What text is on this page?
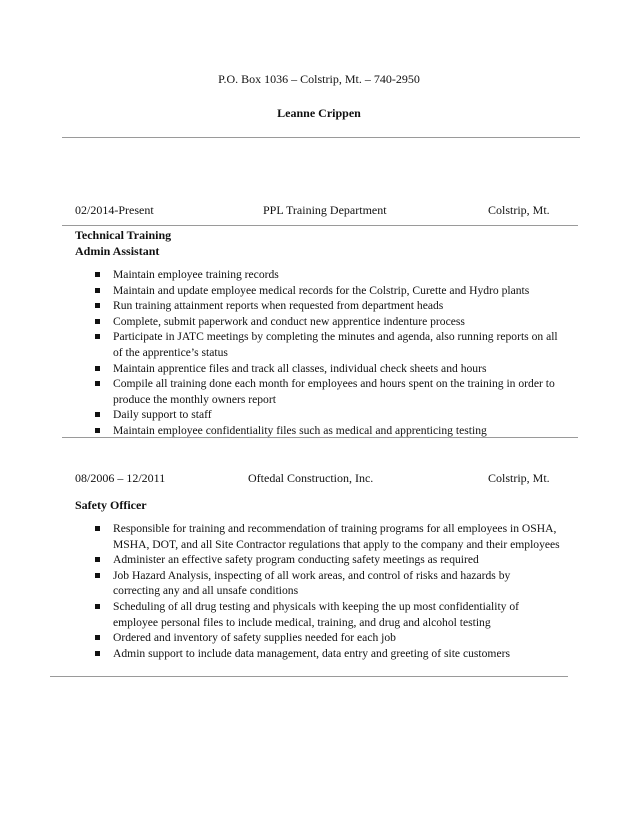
P.O. Box 1036 – Colstrip, Mt. – 740-2950
Leanne Crippen
02/2014-Present	PPL Training Department	Colstrip, Mt.
Technical Training
Admin Assistant
Maintain employee training records
Maintain and update employee medical records for the Colstrip, Curette and Hydro plants
Run training attainment reports when requested from department heads
Complete, submit paperwork and conduct new apprentice indenture process
Participate in JATC meetings by completing the minutes and agenda, also running reports on all of the apprentice’s status
Maintain apprentice files and track all classes, individual check sheets and hours
Compile all training done each month for employees and hours spent on the training in order to produce the monthly owners report
Daily support to staff
Maintain employee confidentiality files such as medical and apprenticing testing
08/2006 – 12/2011	Oftedal Construction, Inc.	Colstrip, Mt.
Safety Officer
Responsible for training and recommendation of training programs for all employees in OSHA, MSHA, DOT, and all Site Contractor regulations that apply to the company and their employees
Administer an effective safety program conducting safety meetings as required
Job Hazard Analysis, inspecting of all work areas, and control of risks and hazards by correcting any and all unsafe conditions
Scheduling of all drug testing and physicals with keeping the up most confidentiality of employee personal files to include medical, training, and drug and alcohol testing
Ordered and inventory of safety supplies needed for each job
Admin support to include data management, data entry and greeting of site customers
